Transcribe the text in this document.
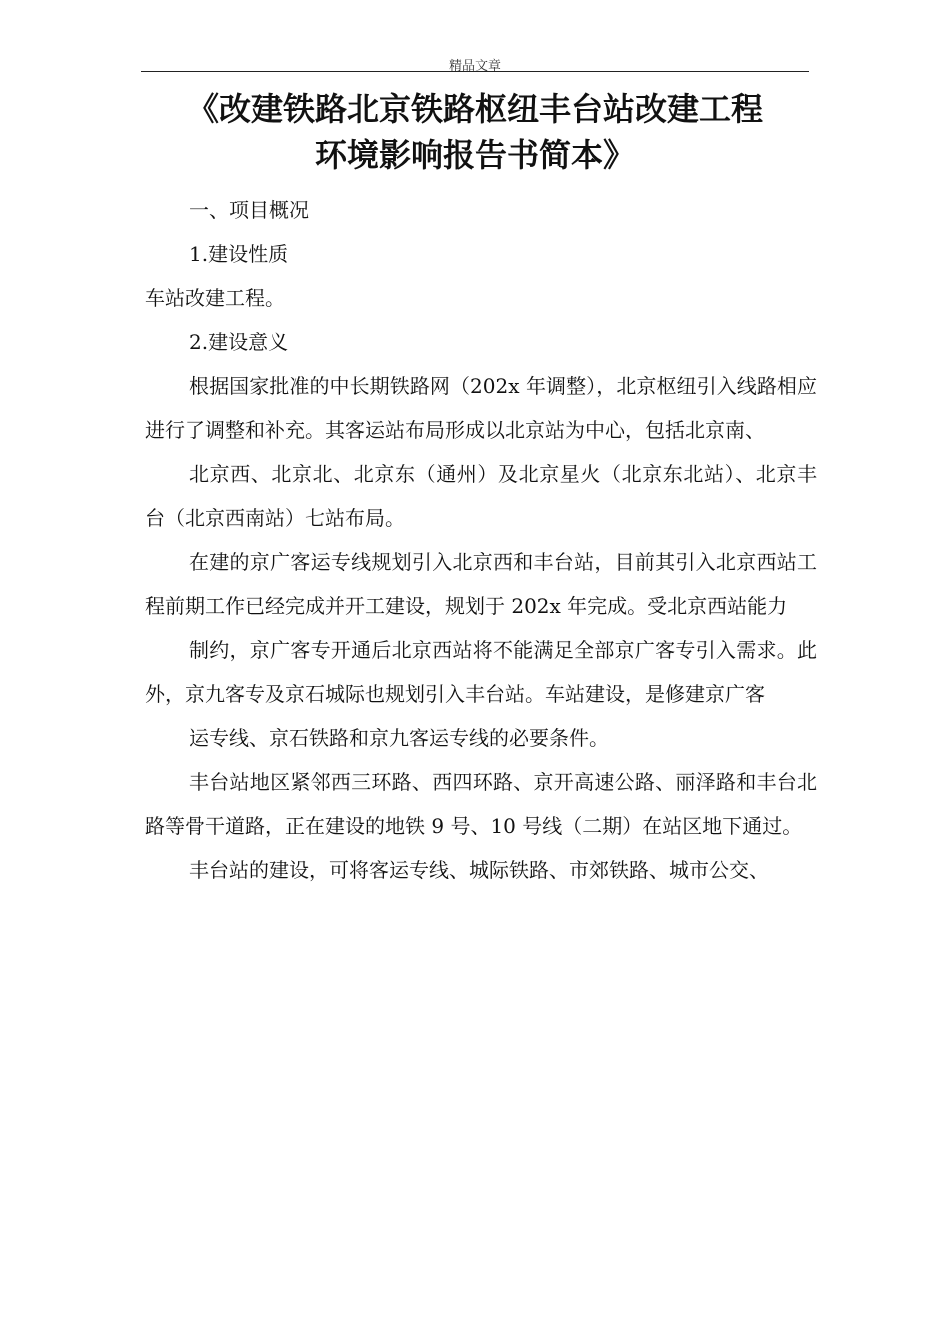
精品文章
《改建铁路北京铁路枢纽丰台站改建工程
环境影响报告书简本》

一、项目概况

1.建设性质

车站改建工程。

2.建设意义

根据国家批准的中长期铁路网（202x 年调整），北京枢纽引入线路相应进行了调整和补充。其客运站布局形成以北京站为中心，包括北京南、

北京西、北京北、北京东（通州）及北京星火（北京东北站）、北京丰台（北京西南站）七站布局。

在建的京广客运专线规划引入北京西和丰台站，目前其引入北京西站工程前期工作已经完成并开工建设，规划于 202x 年完成。受北京西站能力

制约，京广客专开通后北京西站将不能满足全部京广客专引入需求。此外，京九客专及京石城际也规划引入丰台站。车站建设，是修建京广客

运专线、京石铁路和京九客运专线的必要条件。

丰台站地区紧邻西三环路、西四环路、京开高速公路、丽泽路和丰台北路等骨干道路，正在建设的地铁 9 号、10 号线（二期）在站区地下通过。

丰台站的建设，可将客运专线、城际铁路、市郊铁路、城市公交、
